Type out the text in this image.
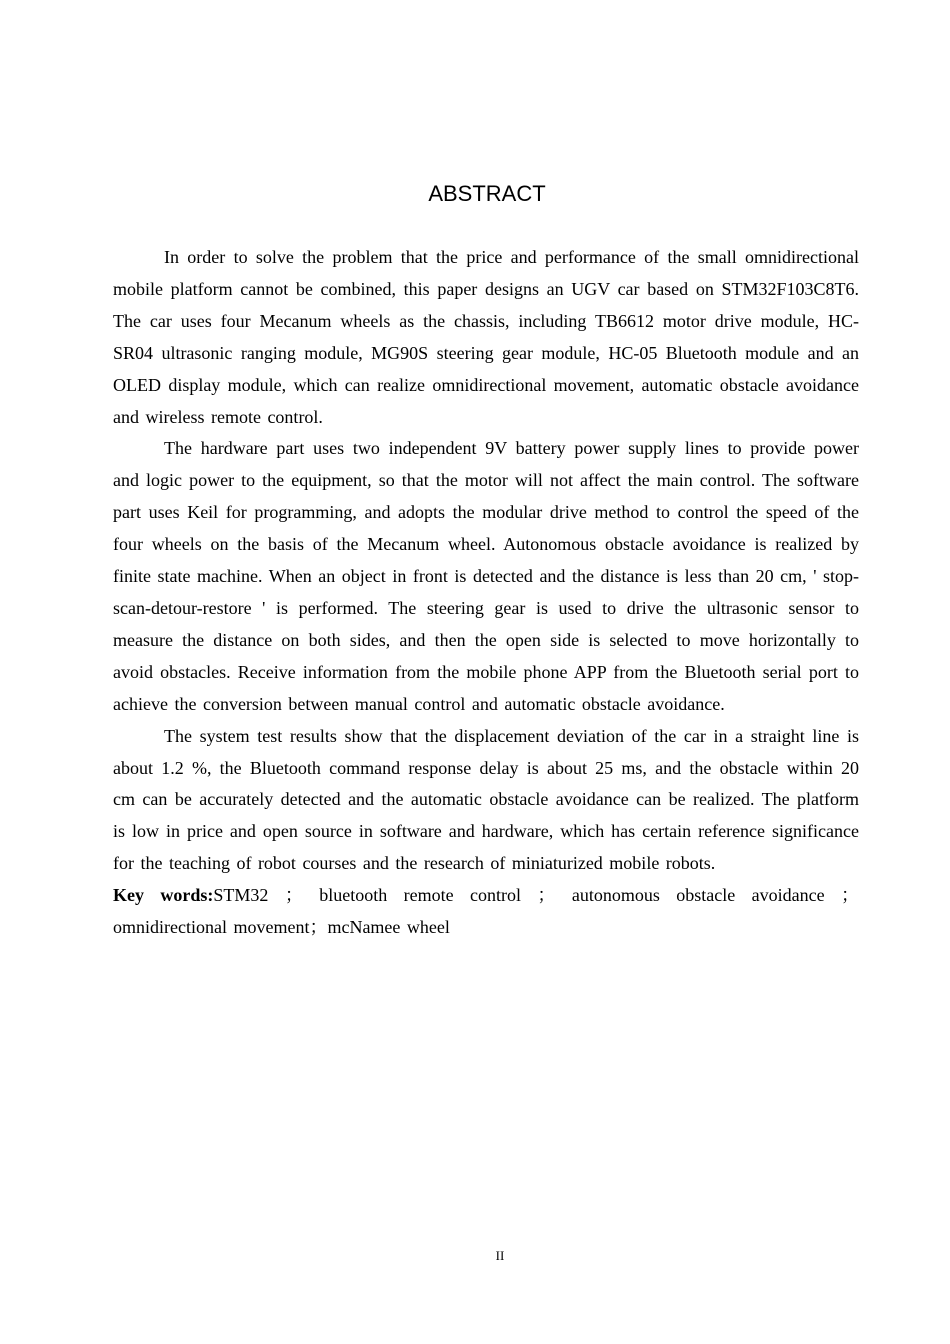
ABSTRACT

In order to solve the problem that the price and performance of the small omnidirectional mobile platform cannot be combined, this paper designs an UGV car based on STM32F103C8T6. The car uses four Mecanum wheels as the chassis, including TB6612 motor drive module, HC-SR04 ultrasonic ranging module, MG90S steering gear module, HC-05 Bluetooth module and an OLED display module, which can realize omnidirectional movement, automatic obstacle avoidance and wireless remote control.

The hardware part uses two independent 9V battery power supply lines to provide power and logic power to the equipment, so that the motor will not affect the main control. The software part uses Keil for programming, and adopts the modular drive method to control the speed of the four wheels on the basis of the Mecanum wheel. Autonomous obstacle avoidance is realized by finite state machine. When an object in front is detected and the distance is less than 20 cm, ' stop-scan-detour-restore ' is performed. The steering gear is used to drive the ultrasonic sensor to measure the distance on both sides, and then the open side is selected to move horizontally to avoid obstacles. Receive information from the mobile phone APP from the Bluetooth serial port to achieve the conversion between manual control and automatic obstacle avoidance.

The system test results show that the displacement deviation of the car in a straight line is about 1.2 %, the Bluetooth command response delay is about 25 ms, and the obstacle within 20 cm can be accurately detected and the automatic obstacle avoidance can be realized. The platform is low in price and open source in software and hardware, which has certain reference significance for the teaching of robot courses and the research of miniaturized mobile robots.

Key words:STM32 ； bluetooth remote control ； autonomous obstacle avoidance ； omnidirectional movement；mcNamee wheel

II
